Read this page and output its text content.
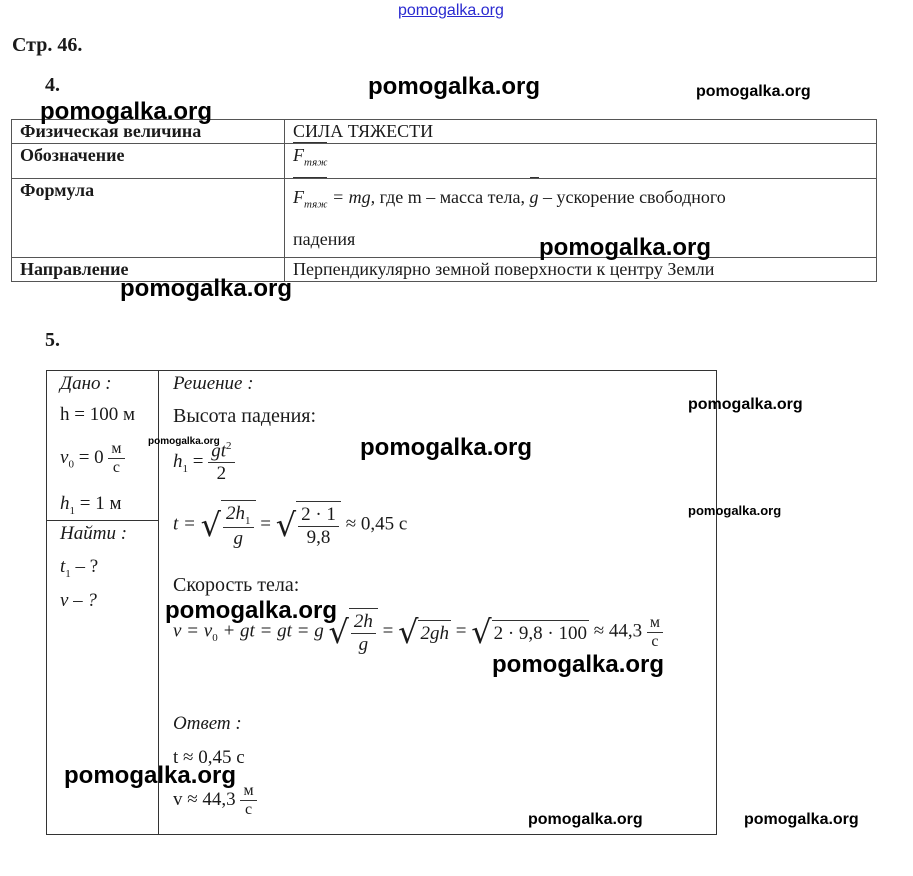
pomogalka.org
Стр. 46.
4.
Физическая величина	СИЛА ТЯЖЕСТИ
Обозначение	$F_{тяж}$
Формула	$F_{тяж}$ = mg, где m – масса тела, g – ускорение свободного
падения
Направление	Перпендикулярно земной поверхности к центру Земли
5.
Дано :
h = 100 м
$v_0 = 0 \frac{м}{с}$
$h_1 = 1$ м
Найти :
$t_1$ – ?
v – ?
Решение :
Высота падения:
$h_1 = \frac{gt^2}{2}$
t = √ $\frac{2h_1}{g}$ = √ $\frac{2 \cdot 1}{9,8} \approx 0,45$ с
Скорость тела:
$v = v_0$ + gt = gt = g √ $\frac{2h}{g}$ = √ 2gh = √ $2 \cdot 9,8 \cdot 100 \approx 44,3 \frac{м}{с}$
Ответ :
t ≈ 0,45 с
$v \approx 44,3 \frac{м}{с}$
pomogalka.org	pomogalka.org
pomogalka.org
pomogalka.org
pomogalka.org
pomogalka.org
pomogalka.org	pomogalka.org
pomogalka.org
pomogalka.org
pomogalka.org
pomogalka.org
pomogalka.org	pomogalka.org
